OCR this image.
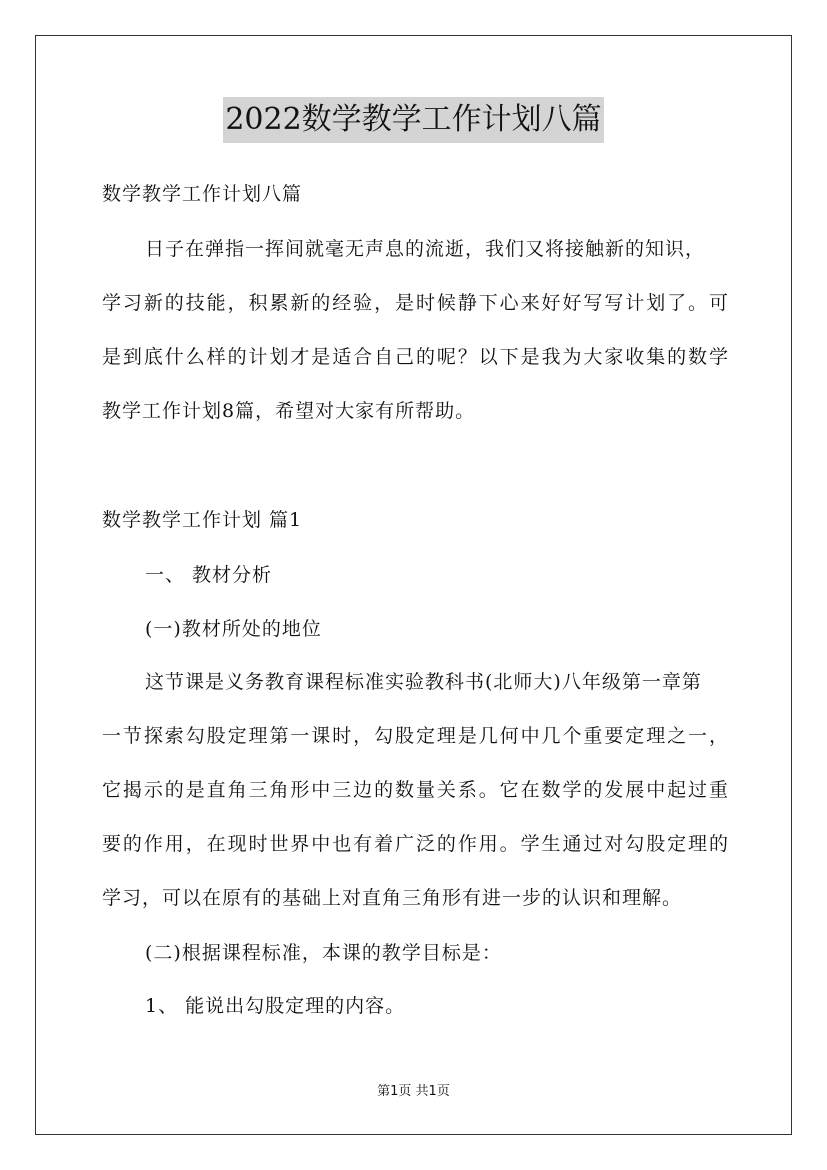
2022数学教学工作计划八篇
数学教学工作计划八篇
日子在弹指一挥间就毫无声息的流逝，我们又将接触新的知识，
学习新的技能，积累新的经验，是时候静下心来好好写写计划了。可
是到底什么样的计划才是适合自己的呢？以下是我为大家收集的数学
教学工作计划8篇，希望对大家有所帮助。
数学教学工作计划 篇1
一、 教材分析
(一)教材所处的地位
这节课是义务教育课程标准实验教科书(北师大)八年级第一章第
一节探索勾股定理第一课时，勾股定理是几何中几个重要定理之一，
它揭示的是直角三角形中三边的数量关系。它在数学的发展中起过重
要的作用，在现时世界中也有着广泛的作用。学生通过对勾股定理的
学习，可以在原有的基础上对直角三角形有进一步的认识和理解。
(二)根据课程标准，本课的教学目标是：
1、 能说出勾股定理的内容。
第1页 共1页
